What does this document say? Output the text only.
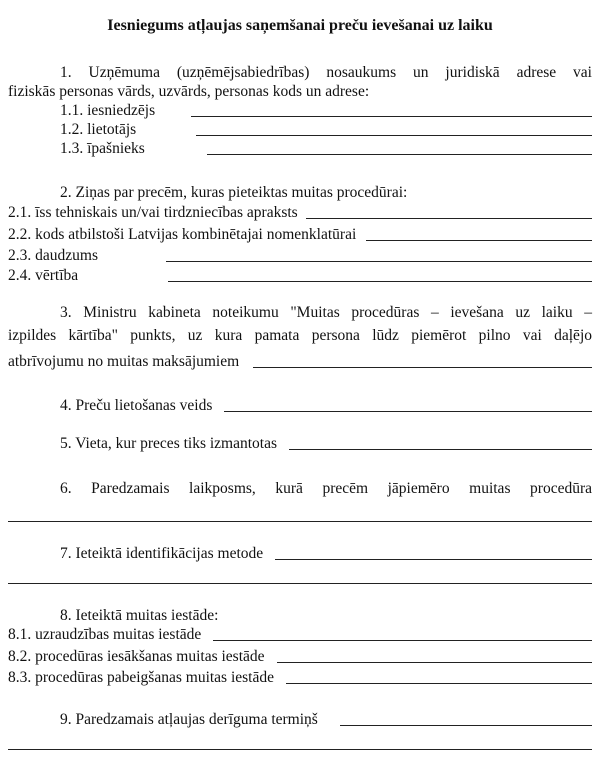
Iesniegums atļaujas saņemšanai preču ievešanai uz laiku
1. Uzņēmuma (uzņēmējsabiedrības) nosaukums un juridiskā adrese vai
fiziskās personas vārds, uzvārds, personas kods un adrese:
1.1. iesniedzējs
1.2. lietotājs
1.3. īpašnieks
2. Ziņas par precēm, kuras pieteiktas muitas procedūrai:
2.1. īss tehniskais un/vai tirdzniecības apraksts
2.2. kods atbilstoši Latvijas kombinētajai nomenklatūrai
2.3. daudzums
2.4. vērtība
3. Ministru kabineta noteikumu "Muitas procedūras – ievešana uz laiku –
izpildes kārtība" punkts, uz kura pamata persona lūdz piemērot pilno vai daļējo
atbrīvojumu no muitas maksājumiem
4. Preču lietošanas veids
5. Vieta, kur preces tiks izmantotas
6. Paredzamais laikposms, kurā precēm jāpiemēro muitas procedūra
7. Ieteiktā identifikācijas metode
8. Ieteiktā muitas iestāde:
8.1. uzraudzības muitas iestāde
8.2. procedūras iesākšanas muitas iestāde
8.3. procedūras pabeigšanas muitas iestāde
9. Paredzamais atļaujas derīguma termiņš
